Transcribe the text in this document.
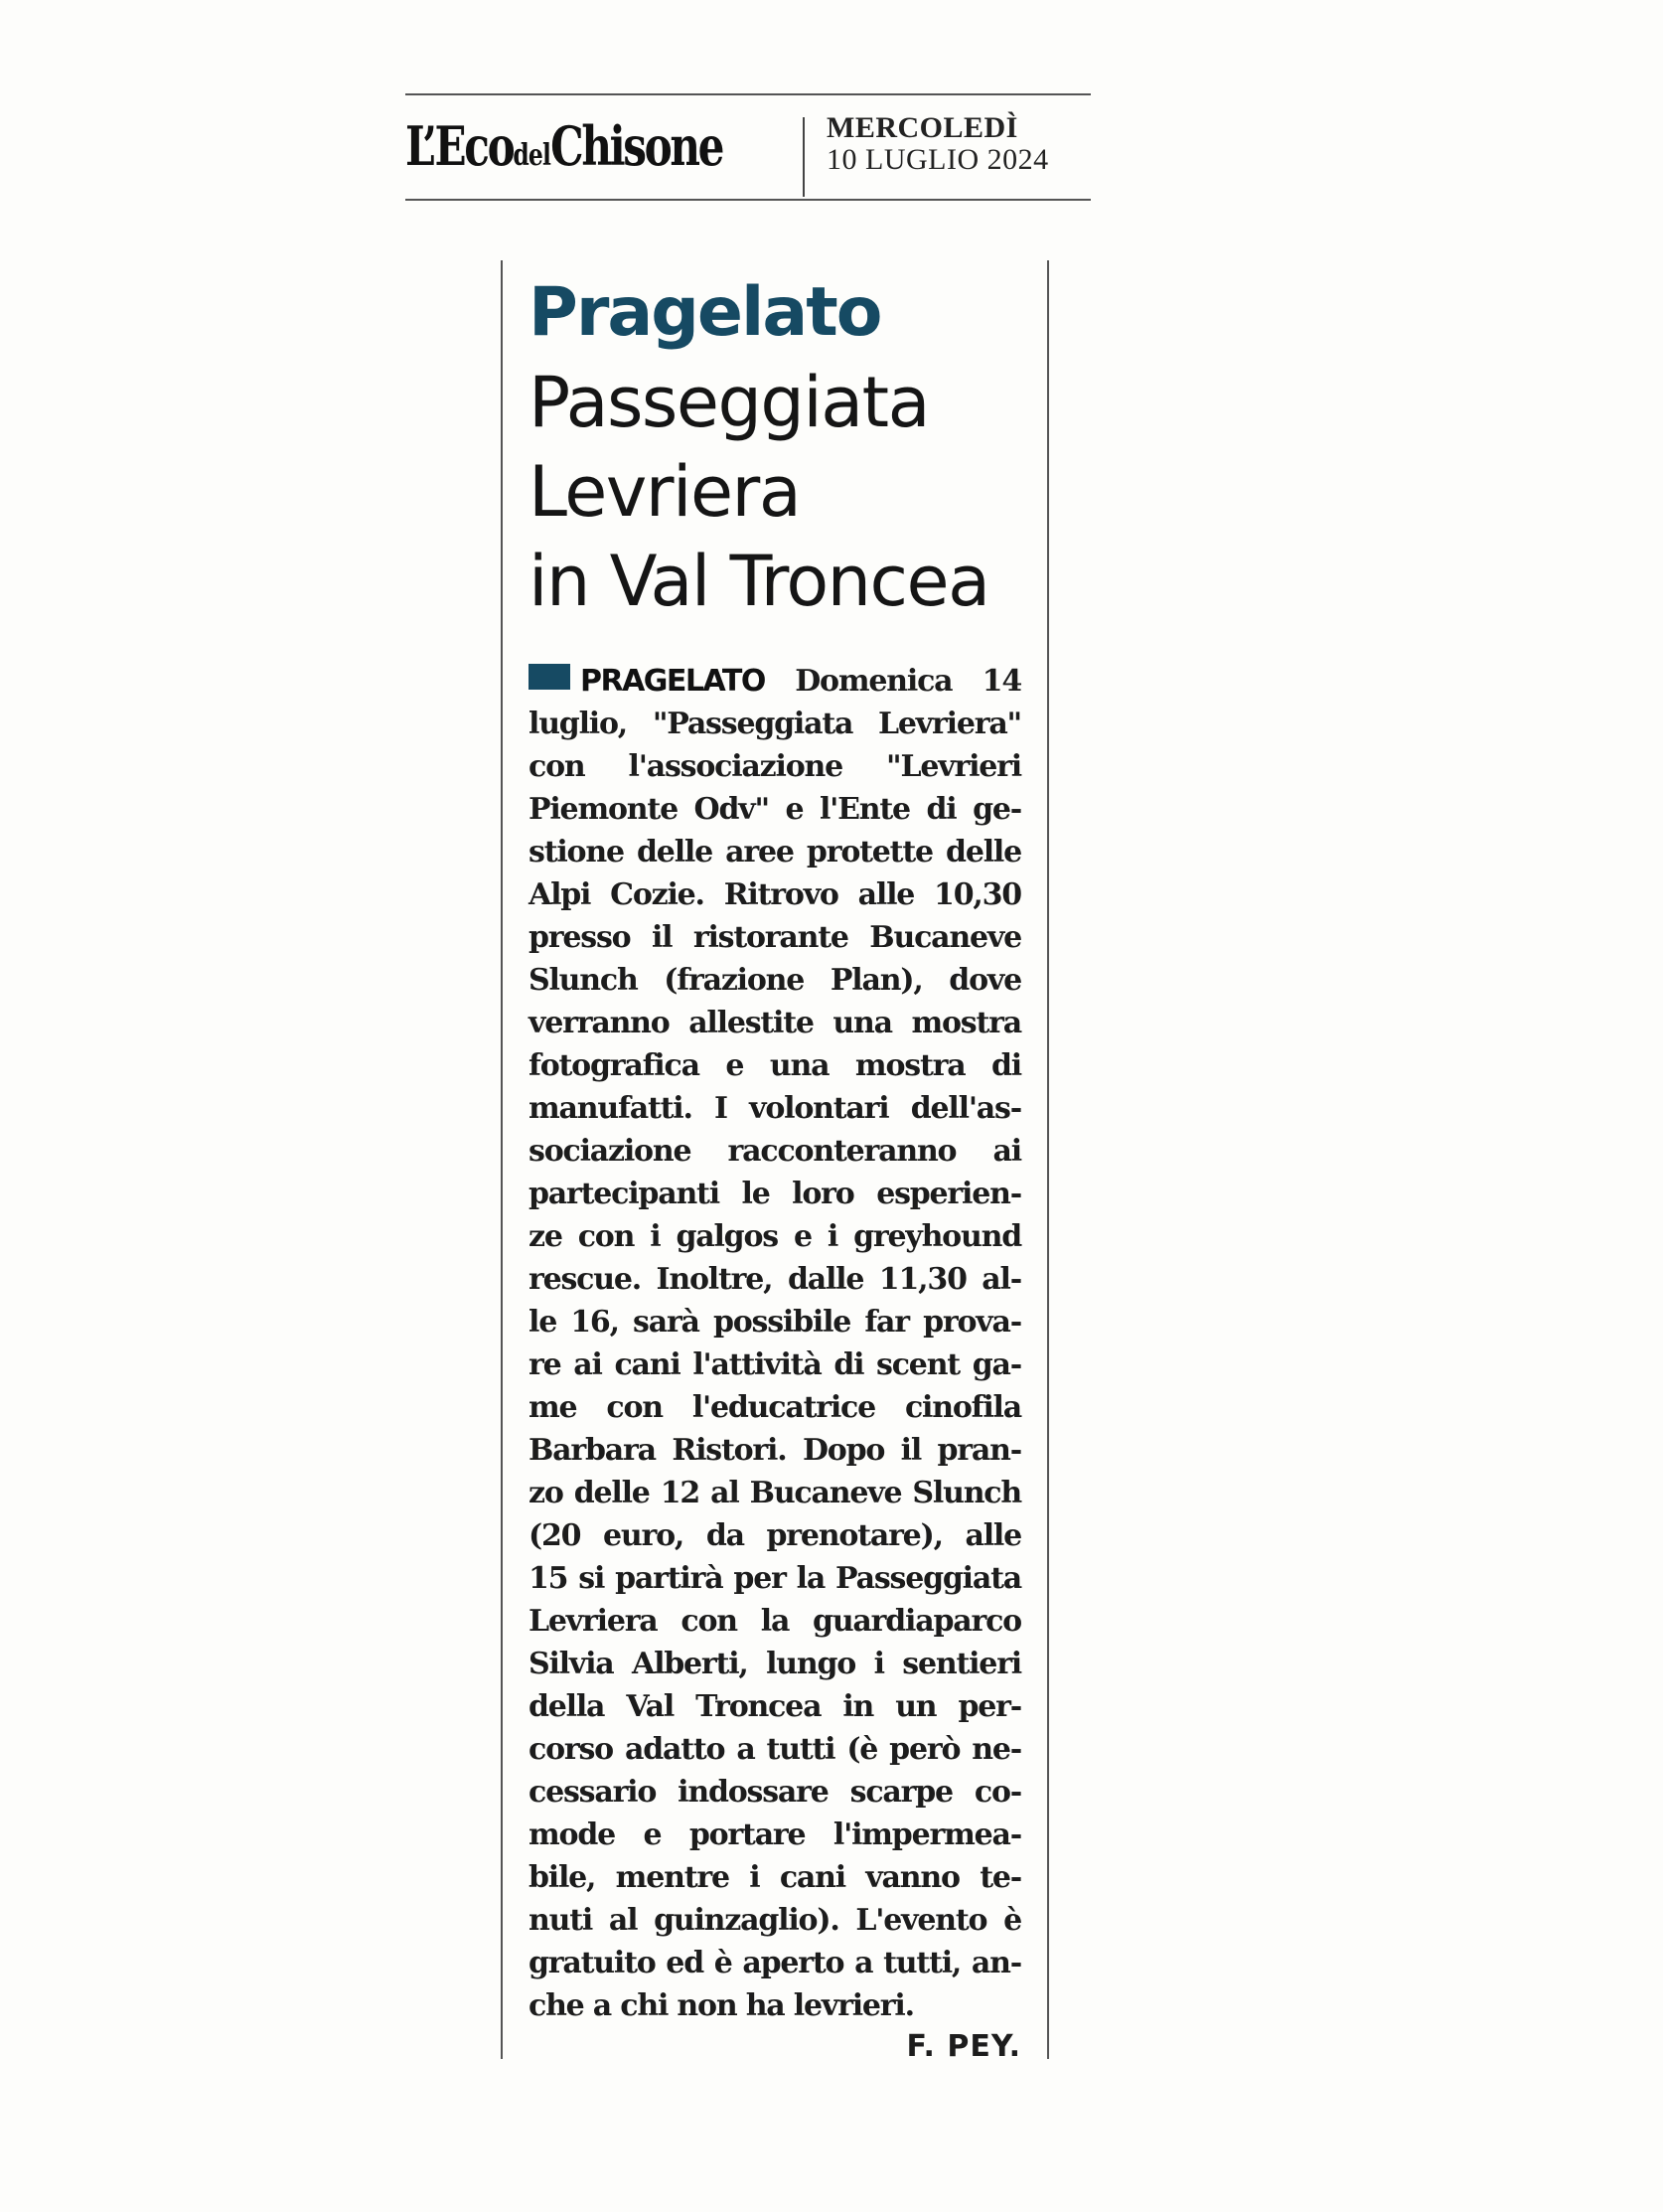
L’EcodelChisone	MERCOLEDÌ
10 LUGLIO 2024
Pragelato
Passeggiata
Levriera
in Val Troncea
PRAGELATO Domenica 14
luglio, "Passeggiata Levriera"
con l'associazione "Levrieri
Piemonte Odv" e l'Ente di ge-
stione delle aree protette delle
Alpi Cozie. Ritrovo alle 10,30
presso il ristorante Bucaneve
Slunch (frazione Plan), dove
verranno allestite una mostra
fotografica e una mostra di
manufatti. I volontari dell'as-
sociazione racconteranno ai
partecipanti le loro esperien-
ze con i galgos e i greyhound
rescue. Inoltre, dalle 11,30 al-
le 16, sarà possibile far prova-
re ai cani l'attività di scent ga-
me con l'educatrice cinofila
Barbara Ristori. Dopo il pran-
zo delle 12 al Bucaneve Slunch
(20 euro, da prenotare), alle
15 si partirà per la Passeggiata
Levriera con la guardiaparco
Silvia Alberti, lungo i sentieri
della Val Troncea in un per-
corso adatto a tutti (è però ne-
cessario indossare scarpe co-
mode e portare l'impermea-
bile, mentre i cani vanno te-
nuti al guinzaglio). L'evento è
gratuito ed è aperto a tutti, an-
che a chi non ha levrieri.
F. PEY.
